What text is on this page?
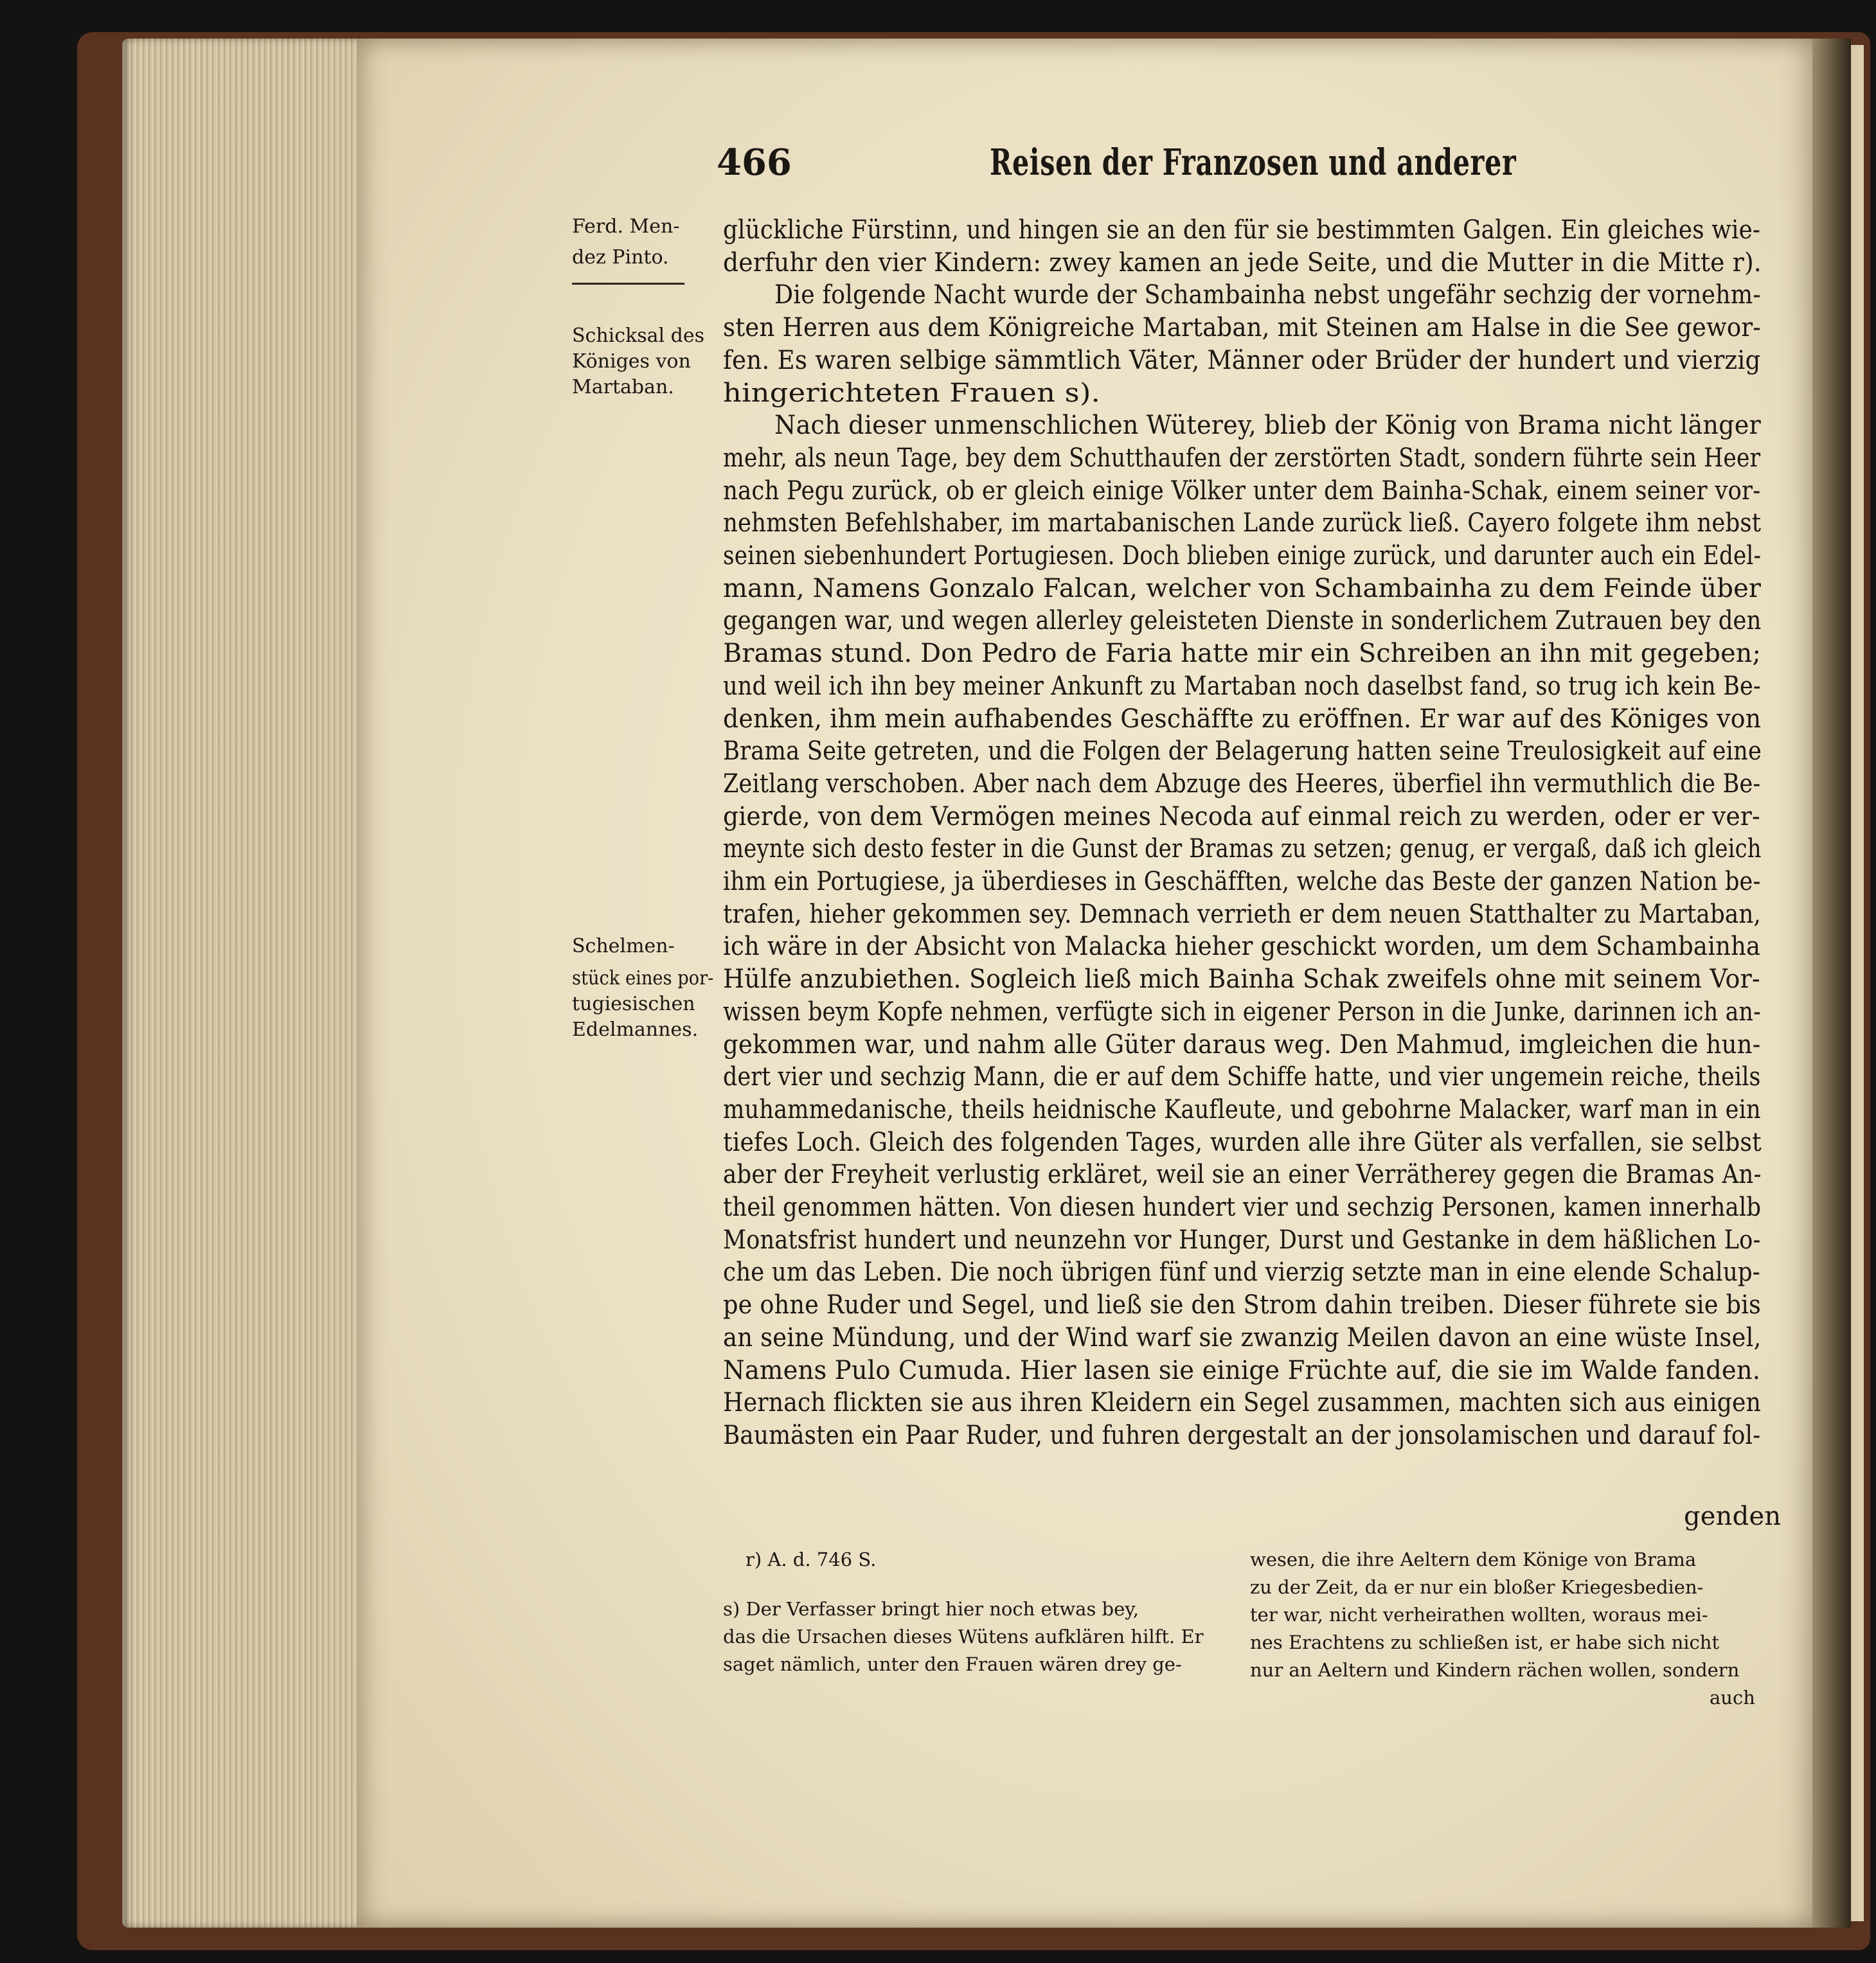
466	Reisen der Franzosen und anderer
Ferd. Men-
dez Pinto.
Schicksal des
Königes von
Martaban.
Schelmen-
stück eines por-
tugiesischen
Edelmannes.
glückliche Fürstinn, und hingen sie an den für sie bestimmten Galgen. Ein gleiches wie-
derfuhr den vier Kindern: zwey kamen an jede Seite, und die Mutter in die Mitte r).
Die folgende Nacht wurde der Schambainha nebst ungefähr sechzig der vornehm-
sten Herren aus dem Königreiche Martaban, mit Steinen am Halse in die See gewor-
fen. Es waren selbige sämmtlich Väter, Männer oder Brüder der hundert und vierzig
hingerichteten Frauen s).
Nach dieser unmenschlichen Wüterey, blieb der König von Brama nicht länger
mehr, als neun Tage, bey dem Schutthaufen der zerstörten Stadt, sondern führte sein Heer
nach Pegu zurück, ob er gleich einige Völker unter dem Bainha-Schak, einem seiner vor-
nehmsten Befehlshaber, im martabanischen Lande zurück ließ. Cayero folgete ihm nebst
seinen siebenhundert Portugiesen. Doch blieben einige zurück, und darunter auch ein Edel-
mann, Namens Gonzalo Falcan, welcher von Schambainha zu dem Feinde über
gegangen war, und wegen allerley geleisteten Dienste in sonderlichem Zutrauen bey den
Bramas stund. Don Pedro de Faria hatte mir ein Schreiben an ihn mit gegeben;
und weil ich ihn bey meiner Ankunft zu Martaban noch daselbst fand, so trug ich kein Be-
denken, ihm mein aufhabendes Geschäffte zu eröffnen. Er war auf des Königes von
Brama Seite getreten, und die Folgen der Belagerung hatten seine Treulosigkeit auf eine
Zeitlang verschoben. Aber nach dem Abzuge des Heeres, überfiel ihn vermuthlich die Be-
gierde, von dem Vermögen meines Necoda auf einmal reich zu werden, oder er ver-
meynte sich desto fester in die Gunst der Bramas zu setzen; genug, er vergaß, daß ich gleich
ihm ein Portugiese, ja überdieses in Geschäfften, welche das Beste der ganzen Nation be-
trafen, hieher gekommen sey. Demnach verrieth er dem neuen Statthalter zu Martaban,
ich wäre in der Absicht von Malacka hieher geschickt worden, um dem Schambainha
Hülfe anzubiethen. Sogleich ließ mich Bainha Schak zweifels ohne mit seinem Vor-
wissen beym Kopfe nehmen, verfügte sich in eigener Person in die Junke, darinnen ich an-
gekommen war, und nahm alle Güter daraus weg. Den Mahmud, imgleichen die hun-
dert vier und sechzig Mann, die er auf dem Schiffe hatte, und vier ungemein reiche, theils
muhammedanische, theils heidnische Kaufleute, und gebohrne Malacker, warf man in ein
tiefes Loch. Gleich des folgenden Tages, wurden alle ihre Güter als verfallen, sie selbst
aber der Freyheit verlustig erkläret, weil sie an einer Verrätherey gegen die Bramas An-
theil genommen hätten. Von diesen hundert vier und sechzig Personen, kamen innerhalb
Monatsfrist hundert und neunzehn vor Hunger, Durst und Gestanke in dem häßlichen Lo-
che um das Leben. Die noch übrigen fünf und vierzig setzte man in eine elende Schalup-
pe ohne Ruder und Segel, und ließ sie den Strom dahin treiben. Dieser führete sie bis
an seine Mündung, und der Wind warf sie zwanzig Meilen davon an eine wüste Insel,
Namens Pulo Cumuda. Hier lasen sie einige Früchte auf, die sie im Walde fanden.
Hernach flickten sie aus ihren Kleidern ein Segel zusammen, machten sich aus einigen
Baumästen ein Paar Ruder, und fuhren dergestalt an der jonsolamischen und darauf fol-
genden
r) A. d. 746 S.
s) Der Verfasser bringt hier noch etwas bey,
das die Ursachen dieses Wütens aufklären hilft. Er
saget nämlich, unter den Frauen wären drey ge-
wesen, die ihre Aeltern dem Könige von Brama
zu der Zeit, da er nur ein bloßer Kriegesbedien-
ter war, nicht verheirathen wollten, woraus mei-
nes Erachtens zu schließen ist, er habe sich nicht
nur an Aeltern und Kindern rächen wollen, sondern
auch
